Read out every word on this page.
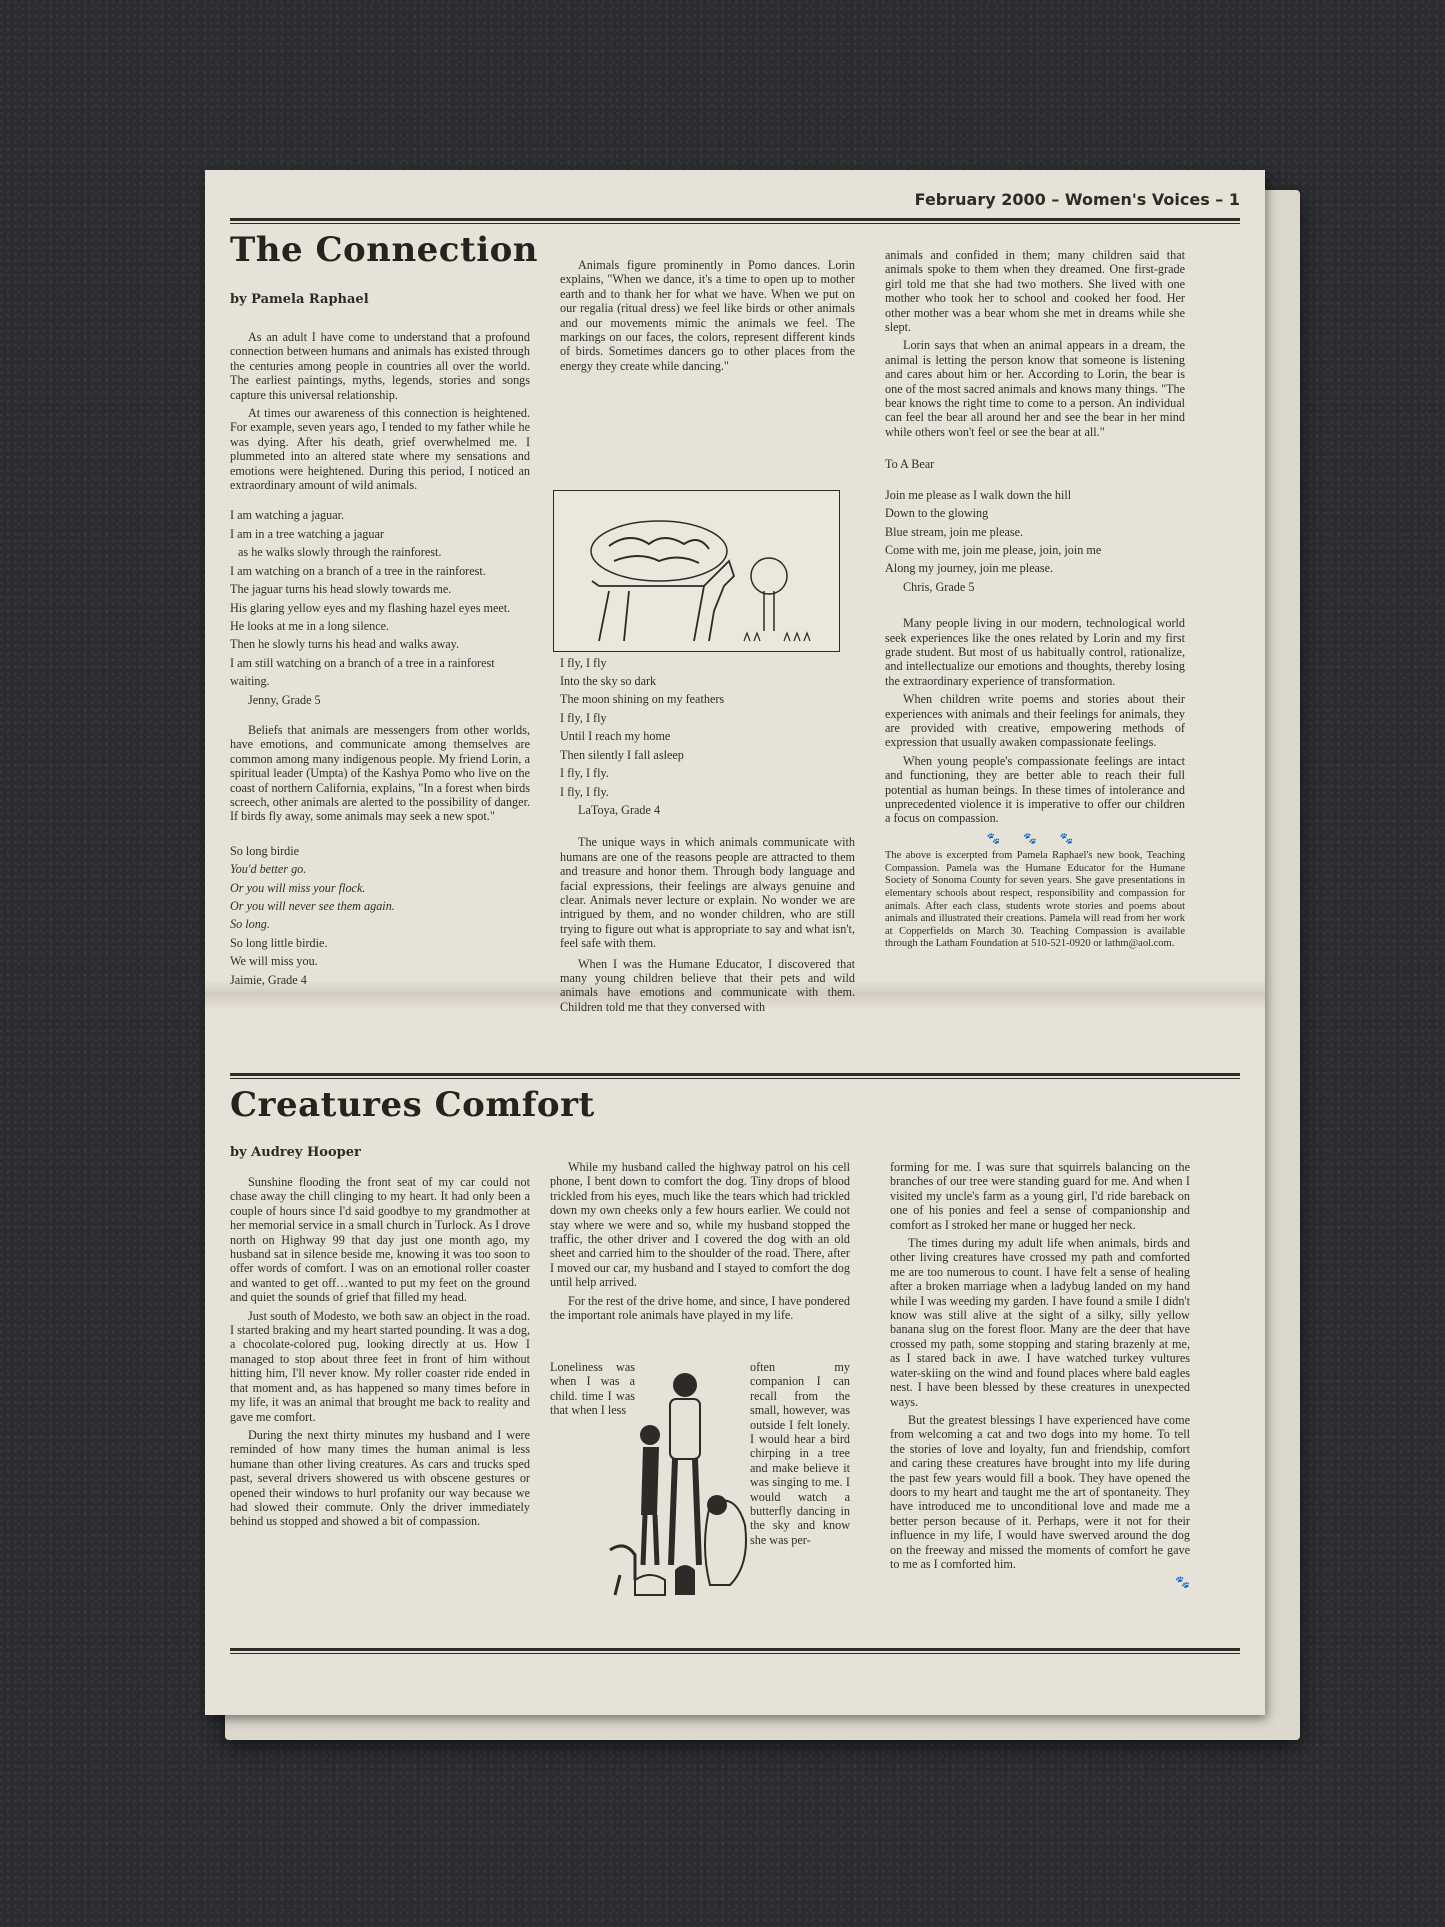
February 2000 – Women's Voices – 1
The Connection
by Pamela Raphael

As an adult I have come to understand that a profound connection between humans and animals has existed through the centuries among people in countries all over the world. The earliest paintings, myths, legends, stories and songs capture this universal relationship.

At times our awareness of this connection is heightened. For example, seven years ago, I tended to my father while he was dying. After his death, grief overwhelmed me. I plummeted into an altered state where my sensations and emotions were heightened. During this period, I noticed an extraordinary amount of wild animals.

I am watching a jaguar.
I am in a tree watching a jaguar
as he walks slowly through the rainforest.
I am watching on a branch of a tree in the rainforest.
The jaguar turns his head slowly towards me.
His glaring yellow eyes and my flashing hazel eyes meet.
He looks at me in a long silence.
Then he slowly turns his head and walks away.
I am still watching on a branch of a tree in a rainforest waiting.
Jenny, Grade 5

Beliefs that animals are messengers from other worlds, have emotions, and communicate among themselves are common among many indigenous people. My friend Lorin, a spiritual leader (Umpta) of the Kashya Pomo who live on the coast of northern California, explains, "In a forest when birds screech, other animals are alerted to the possibility of danger. If birds fly away, some animals may seek a new spot."

So long birdie
You'd better go.
Or you will miss your flock.
Or you will never see them again.
So long.
So long little birdie.
We will miss you.
Jaimie, Grade 4

Animals figure prominently in Pomo dances. Lorin explains, "When we dance, it's a time to open up to mother earth and to thank her for what we have. When we put on our regalia (ritual dress) we feel like birds or other animals and our movements mimic the animals we feel. The markings on our faces, the colors, represent different kinds of birds. Sometimes dancers go to other places from the energy they create while dancing."

I fly, I fly
Into the sky so dark
The moon shining on my feathers
I fly, I fly
Until I reach my home
Then silently I fall asleep
I fly, I fly.
I fly, I fly.
LaToya, Grade 4

The unique ways in which animals communicate with humans are one of the reasons people are attracted to them and treasure and honor them. Through body language and facial expressions, their feelings are always genuine and clear. Animals never lecture or explain. No wonder we are intrigued by them, and no wonder children, who are still trying to figure out what is appropriate to say and what isn't, feel safe with them.

When I was the Humane Educator, I discovered that many young children believe that their pets and wild animals have emotions and communicate with them. Children told me that they conversed with

animals and confided in them; many children said that animals spoke to them when they dreamed. One first-grade girl told me that she had two mothers. She lived with one mother who took her to school and cooked her food. Her other mother was a bear whom she met in dreams while she slept.

Lorin says that when an animal appears in a dream, the animal is letting the person know that someone is listening and cares about him or her. According to Lorin, the bear is one of the most sacred animals and knows many things. "The bear knows the right time to come to a person. An individual can feel the bear all around her and see the bear in her mind while others won't feel or see the bear at all."

To A Bear
Join me please as I walk down the hill
Down to the glowing
Blue stream, join me please.
Come with me, join me please, join, join me
Along my journey, join me please.
Chris, Grade 5

Many people living in our modern, technological world seek experiences like the ones related by Lorin and my first grade student. But most of us habitually control, rationalize, and intellectualize our emotions and thoughts, thereby losing the extraordinary experience of transformation.

When children write poems and stories about their experiences with animals and their feelings for animals, they are provided with creative, empowering methods of expression that usually awaken compassionate feelings.

When young people's compassionate feelings are intact and functioning, they are better able to reach their full potential as human beings. In these times of intolerance and unprecedented violence it is imperative to offer our children a focus on compassion.

🐾 🐾 🐾
The above is excerpted from Pamela Raphael's new book, Teaching Compassion. Pamela was the Humane Educator for the Humane Society of Sonoma County for seven years. She gave presentations in elementary schools about respect, responsibility and compassion for animals. After each class, students wrote stories and poems about animals and illustrated their creations. Pamela will read from her work at Copperfields on March 30. Teaching Compassion is available through the Latham Foundation at 510-521-0920 or lathm@aol.com.
Creatures Comfort
by Audrey Hooper

Sunshine flooding the front seat of my car could not chase away the chill clinging to my heart. It had only been a couple of hours since I'd said goodbye to my grandmother at her memorial service in a small church in Turlock. As I drove north on Highway 99 that day just one month ago, my husband sat in silence beside me, knowing it was too soon to offer words of comfort. I was on an emotional roller coaster and wanted to get off…wanted to put my feet on the ground and quiet the sounds of grief that filled my head.

Just south of Modesto, we both saw an object in the road. I started braking and my heart started pounding. It was a dog, a chocolate-colored pug, looking directly at us. How I managed to stop about three feet in front of him without hitting him, I'll never know. My roller coaster ride ended in that moment and, as has happened so many times before in my life, it was an animal that brought me back to reality and gave me comfort.

During the next thirty minutes my husband and I were reminded of how many times the human animal is less humane than other living creatures. As cars and trucks sped past, several drivers showered us with obscene gestures or opened their windows to hurl profanity our way because we had slowed their commute. Only the driver immediately behind us stopped and showed a bit of compassion.

While my husband called the highway patrol on his cell phone, I bent down to comfort the dog. Tiny drops of blood trickled from his eyes, much like the tears which had trickled down my own cheeks only a few hours earlier. We could not stay where we were and so, while my husband stopped the traffic, the other driver and I covered the dog with an old sheet and carried him to the shoulder of the road. There, after I moved our car, my husband and I stayed to comfort the dog until help arrived.

For the rest of the drive home, and since, I have pondered the important role animals have played in my life.

Loneliness was when I was a child. time I was that when I less
often my companion I can recall from the small, however, was outside I felt lonely. I would hear a bird chirping in a tree and make believe it was singing to me. I would watch a butterfly dancing in the sky and know she was per-

forming for me. I was sure that squirrels balancing on the branches of our tree were standing guard for me. And when I visited my uncle's farm as a young girl, I'd ride bareback on one of his ponies and feel a sense of companionship and comfort as I stroked her mane or hugged her neck.

The times during my adult life when animals, birds and other living creatures have crossed my path and comforted me are too numerous to count. I have felt a sense of healing after a broken marriage when a ladybug landed on my hand while I was weeding my garden. I have found a smile I didn't know was still alive at the sight of a silky, silly yellow banana slug on the forest floor. Many are the deer that have crossed my path, some stopping and staring brazenly at me, as I stared back in awe. I have watched turkey vultures water-skiing on the wind and found places where bald eagles nest. I have been blessed by these creatures in unexpected ways.

But the greatest blessings I have experienced have come from welcoming a cat and two dogs into my home. To tell the stories of love and loyalty, fun and friendship, comfort and caring these creatures have brought into my life during the past few years would fill a book. They have opened the doors to my heart and taught me the art of spontaneity. They have introduced me to unconditional love and made me a better person because of it. Perhaps, were it not for their influence in my life, I would have swerved around the dog on the freeway and missed the moments of comfort he gave to me as I comforted him.

🐾
